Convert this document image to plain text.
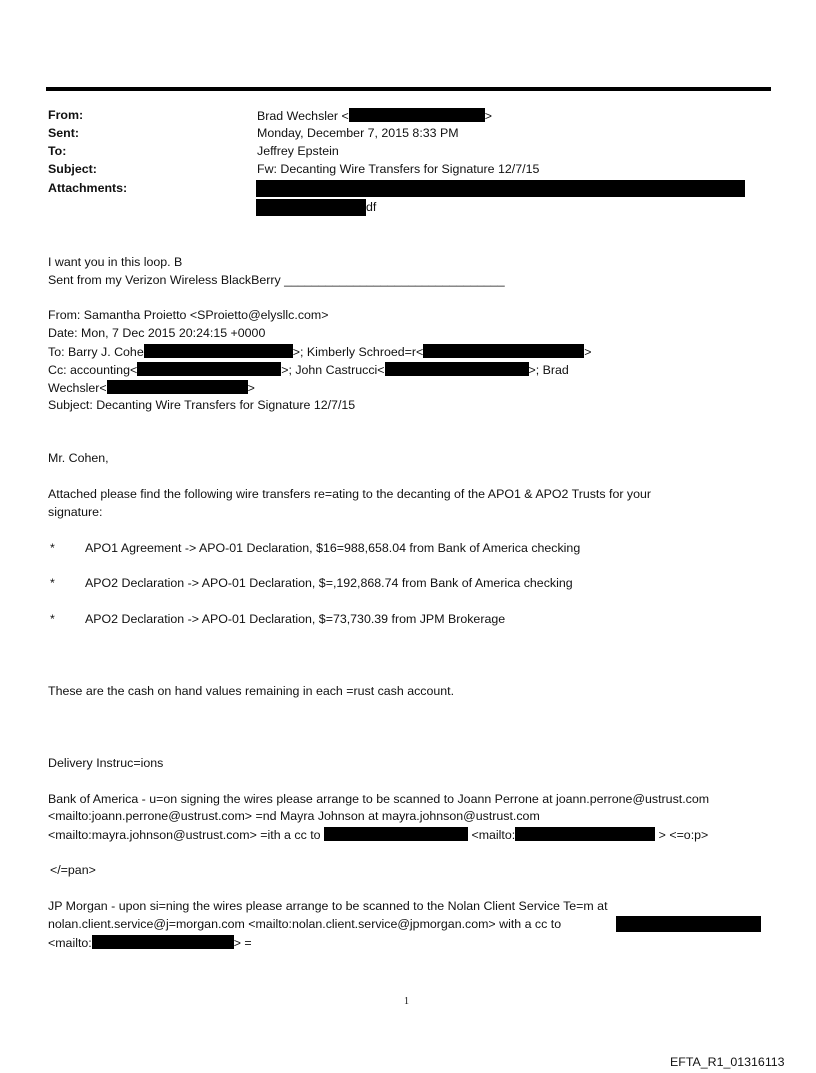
From:	Brad Wechsler <	>
Sent:	Monday, December 7, 2015 8:33 PM
To:	Jeffrey Epstein
Subject:	Fw: Decanting Wire Transfers for Signature 12/7/15
Attachments:
df
I want you in this loop. B
Sent from my Verizon Wireless BlackBerry ________________________________
From: Samantha Proietto <SProietto@elysllc.com>
Date: Mon, 7 Dec 2015 20:24:15 +0000
To: Barry J. Cohe	>; Kimberly Schroed=r<	>
Cc: accounting<	>; John Castrucci<	>; Brad
Wechsler<	>
Subject: Decanting Wire Transfers for Signature 12/7/15
Mr. Cohen,
Attached please find the following wire transfers re=ating to the decanting of the APO1 & APO2 Trusts for your
signature:
* APO1 Agreement -> APO-01 Declaration, $16=988,658.04 from Bank of America checking
* APO2 Declaration -> APO-01 Declaration, $=,192,868.74 from Bank of America checking
* APO2 Declaration -> APO-01 Declaration, $=73,730.39 from JPM Brokerage
These are the cash on hand values remaining in each =rust cash account.
Delivery Instruc=ions
Bank of America - u=on signing the wires please arrange to be scanned to Joann Perrone at joann.perrone@ustrust.com
<mailto:joann.perrone@ustrust.com> =nd Mayra Johnson at mayra.johnson@ustrust.com
<mailto:mayra.johnson@ustrust.com> =ith a cc to	<mailto:	> <=o:p>
</=pan>
JP Morgan - upon si=ning the wires please arrange to be scanned to the Nolan Client Service Te=m at
nolan.client.service@j=morgan.com <mailto:nolan.client.service@jpmorgan.com> with a cc to
<mailto:	> =
1
EFTA_R1_01316113
